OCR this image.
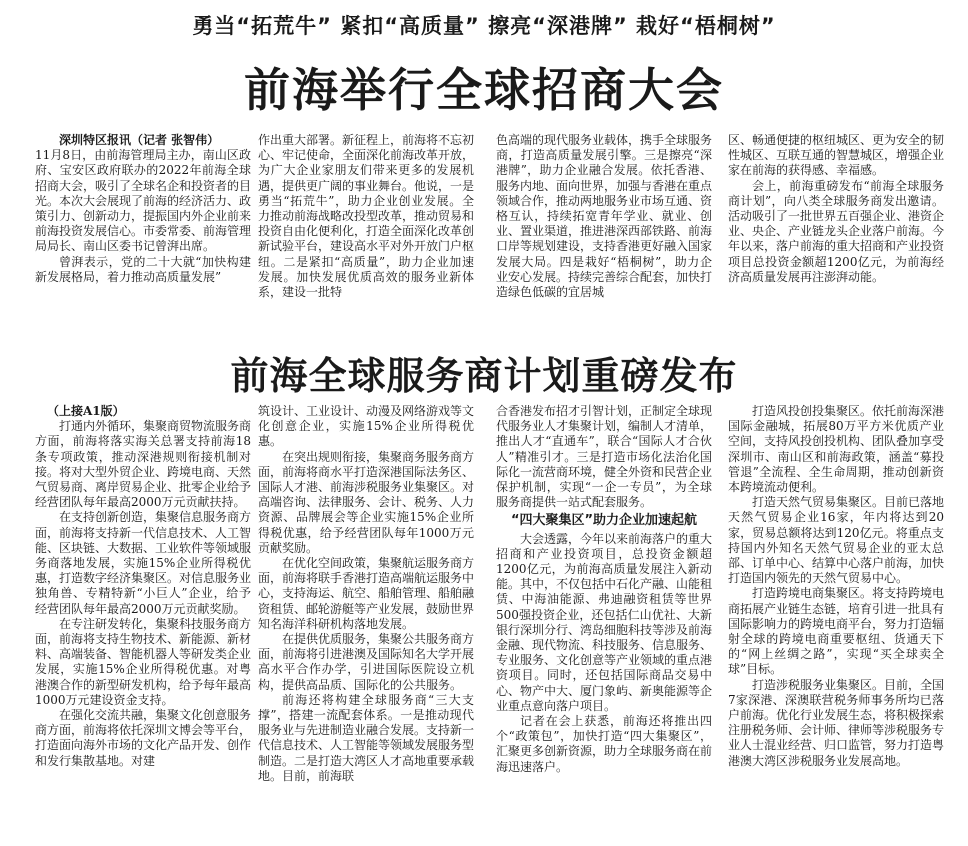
勇当“拓荒牛” 紧扣“高质量” 擦亮“深港牌” 栽好“梧桐树”
前海举行全球招商大会

深圳特区报讯（记者 张智伟）

11月8日，由前海管理局主办，南山区政府、宝安区政府联办的2022年前海全球招商大会，吸引了全球名企和投资者的目光。本次大会展现了前海的经济活力、政策引力、创新动力，提振国内外企业前来前海投资发展信心。市委常委、前海管理局局长、南山区委书记曾湃出席。

曾湃表示，党的二十大就“加快构建新发展格局，着力推动高质量发展”

作出重大部署。新征程上，前海将不忘初心、牢记使命，全面深化前海改革开放，为广大企业家朋友们带来更多的发展机遇，提供更广阔的事业舞台。他说，一是勇当“拓荒牛”，助力企业创业发展。全力推动前海战略改投型改革，推动贸易和投资自由化便利化，打造全面深化改革创新试验平台，建设高水平对外开放门户枢纽。二是紧扣“高质量”，助力企业加速发展。加快发展优质高效的服务业新体系，建设一批特

色高端的现代服务业载体，携手全球服务商，打造高质量发展引擎。三是擦亮“深港牌”，助力企业融合发展。依托香港、服务内地、面向世界，加强与香港在重点领域合作，推动两地服务业市场互通、资格互认，持续拓宽青年学业、就业、创业、置业渠道，推进港深西部铁路、前海口岸等规划建设，支持香港更好融入国家发展大局。四是栽好“梧桐树”，助力企业安心发展。持续完善综合配套，加快打造绿色低碳的宜居城

区、畅通便捷的枢纽城区、更为安全的韧性城区、互联互通的智慧城区，增强企业家在前海的获得感、幸福感。

会上，前海重磅发布“前海全球服务商计划”，向八类全球服务商发出邀请。活动吸引了一批世界五百强企业、港资企业、央企、产业链龙头企业落户前海。今年以来，落户前海的重大招商和产业投资项目总投资金额超1200亿元，为前海经济高质量发展再注澎湃动能。

前海全球服务商计划重磅发布

（上接A1版）

打通内外循环，集聚商贸物流服务商方面，前海将落实海关总署支持前海18条专项政策，推动深港规则衔接机制对接。将对大型外贸企业、跨境电商、天然气贸易商、离岸贸易企业、批零企业给予经营团队每年最高2000万元贡献扶持。

在支持创新创造，集聚信息服务商方面，前海将支持新一代信息技术、人工智能、区块链、大数据、工业软件等领域服务商落地发展，实施15%企业所得税优惠，打造数字经济集聚区。对信息服务业独角兽、专精特新“小巨人”企业，给予经营团队每年最高2000万元贡献奖励。

在专注研发转化，集聚科技服务商方面，前海将支持生物技术、新能源、新材料、高端装备、智能机器人等研发类企业发展，实施15%企业所得税优惠。对粤港澳合作的新型研发机构，给予每年最高1000万元建设资金支持。

在强化交流共融，集聚文化创意服务商方面，前海将依托深圳文博会等平台，打造面向海外市场的文化产品开发、创作和发行集散基地。对建

筑设计、工业设计、动漫及网络游戏等文化创意企业，实施15%企业所得税优惠。

在突出规则衔接，集聚商务服务商方面，前海将商水平打造深港国际法务区、国际人才港、前海涉税服务业集聚区。对高端咨询、法律服务、会计、税务、人力资源、品牌展会等企业实施15%企业所得税优惠，给予经营团队每年1000万元贡献奖励。

在优化空间政策，集聚航运服务商方面，前海将联手香港打造高端航运服务中心，支持海运、航空、船舶管理、船舶融资租赁、邮轮游艇等产业发展，鼓励世界知名海洋科研机构落地发展。

在提供优质服务，集聚公共服务商方面，前海将引进港澳及国际知名大学开展高水平合作办学，引进国际医院设立机构，提供高品质、国际化的公共服务。

前海还将构建全球服务商“三大支撑”，搭建一流配套体系。一是推动现代服务业与先进制造业融合发展。支持新一代信息技术、人工智能等领域发展服务型制造。二是打造大湾区人才高地重要承载地。目前，前海联

合香港发布招才引智计划，正制定全球现代服务业人才集聚计划，编制人才清单，推出人才“直通车”，联合“国际人才合伙人”精准引才。三是打造市场化法治化国际化一流营商环境，健全外资和民营企业保护机制，实现“一企一专员”，为全球服务商提供一站式配套服务。

“四大聚集区”助力企业加速起航

大会透露，今年以来前海落户的重大招商和产业投资项目，总投资金额超1200亿元，为前海高质量发展注入新动能。其中，不仅包括中石化产融、山能租赁、中海油能源、弗迪融资租赁等世界500强投资企业，还包括仁山优社、大新银行深圳分行、湾岛细胞科技等涉及前海金融、现代物流、科技服务、信息服务、专业服务、文化创意等产业领域的重点港资项目。同时，还包括国际商品交易中心、物产中大、厦门象屿、新奥能源等企业重点意向落户项目。

记者在会上获悉，前海还将推出四个“政策包”，加快打造“四大集聚区”，汇聚更多创新资源，助力全球服务商在前海迅速落户。

打造风投创投集聚区。依托前海深港国际金融城，拓展80万平方米优质产业空间，支持风投创投机构、团队叠加享受深圳市、南山区和前海政策，涵盖“募投管退”全流程、全生命周期，推动创新资本跨境流动便利。

打造天然气贸易集聚区。目前已落地天然气贸易企业16家，年内将达到20家，贸易总额将达到120亿元。将重点支持国内外知名天然气贸易企业的亚太总部、订单中心、结算中心落户前海，加快打造国内领先的天然气贸易中心。

打造跨境电商集聚区。将支持跨境电商拓展产业链生态链，培育引进一批具有国际影响力的跨境电商平台，努力打造辐射全球的跨境电商重要枢纽、货通天下的“网上丝绸之路”，实现“买全球卖全球”目标。

打造涉税服务业集聚区。目前，全国7家深港、深澳联营税务师事务所均已落户前海。优化行业发展生态，将积极探索注册税务师、会计师、律师等涉税服务专业人士混业经营、归口监管，努力打造粤港澳大湾区涉税服务业发展高地。
